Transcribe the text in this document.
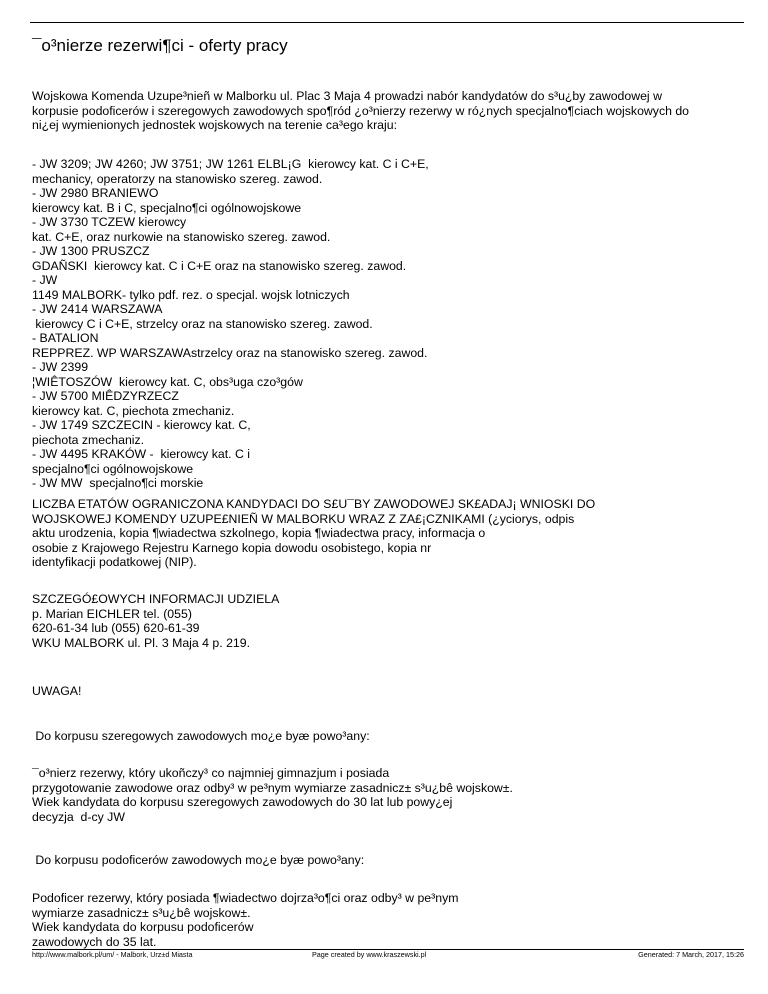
¯o³nierze rezerwi¶ci - oferty pracy
Wojskowa Komenda Uzupe³nieñ w Malborku ul. Plac 3 Maja 4 prowadzi nabór kandydatów do s³u¿by zawodowej w
korpusie podoficerów i szeregowych zawodowych spo¶ród ¿o³nierzy rezerwy w ró¿nych specjalno¶ciach wojskowych do
ni¿ej wymienionych jednostek wojskowych na terenie ca³ego kraju:
- JW 3209; JW 4260; JW 3751; JW 1261 ELBL¡G  kierowcy kat. C i C+E,
mechanicy, operatorzy na stanowisko szereg. zawod.
- JW 2980 BRANIEWO
kierowcy kat. B i C, specjalno¶ci ogólnowojskowe
- JW 3730 TCZEW kierowcy
kat. C+E, oraz nurkowie na stanowisko szereg. zawod.
- JW 1300 PRUSZCZ
GDAÑSKI  kierowcy kat. C i C+E oraz na stanowisko szereg. zawod.
- JW
1149 MALBORK- tylko pdf. rez. o specjal. wojsk lotniczych
- JW 2414 WARSZAWA
kierowcy C i C+E, strzelcy oraz na stanowisko szereg. zawod.
- BATALION
REPPREZ. WP WARSZAWAstrzelcy oraz na stanowisko szereg. zawod.
- JW 2399
¦WIÊTOSZÓW  kierowcy kat. C, obs³uga czo³gów
- JW 5700 MIÊDZYRZECZ
kierowcy kat. C, piechota zmechaniz.
- JW 1749 SZCZECIN - kierowcy kat. C,
piechota zmechaniz.
- JW 4495 KRAKÓW -  kierowcy kat. C i
specjalno¶ci ogólnowojskowe
- JW MW  specjalno¶ci morskie
LICZBA ETATÓW OGRANICZONA KANDYDACI DO S£U¯BY ZAWODOWEJ SK£ADAJ¡ WNIOSKI DO
WOJSKOWEJ KOMENDY UZUPE£NIEÑ W MALBORKU WRAZ Z ZA£¡CZNIKAMI (¿yciorys, odpis
aktu urodzenia, kopia ¶wiadectwa szkolnego, kopia ¶wiadectwa pracy, informacja o
osobie z Krajowego Rejestru Karnego kopia dowodu osobistego, kopia nr
identyfikacji podatkowej (NIP).
SZCZEGÓ£OWYCH INFORMACJI UDZIELA
p. Marian EICHLER tel. (055)
620-61-34 lub (055) 620-61-39
WKU MALBORK ul. Pl. 3 Maja 4 p. 219.
UWAGA!
Do korpusu szeregowych zawodowych mo¿e byæ powo³any:
¯o³nierz rezerwy, który ukoñczy³ co najmniej gimnazjum i posiada
przygotowanie zawodowe oraz odby³ w pe³nym wymiarze zasadnicz± s³u¿bê wojskow±.
Wiek kandydata do korpusu szeregowych zawodowych do 30 lat lub powy¿ej
decyzja  d-cy JW
Do korpusu podoficerów zawodowych mo¿e byæ powo³any:
Podoficer rezerwy, który posiada ¶wiadectwo dojrza³o¶ci oraz odby³ w pe³nym
wymiarze zasadnicz± s³u¿bê wojskow±.
Wiek kandydata do korpusu podoficerów
zawodowych do 35 lat.
http://www.malbork.pl/um/ - Malbork, Urz±d Miasta	Page created by www.kraszewski.pl	Generated: 7 March, 2017, 15:26
